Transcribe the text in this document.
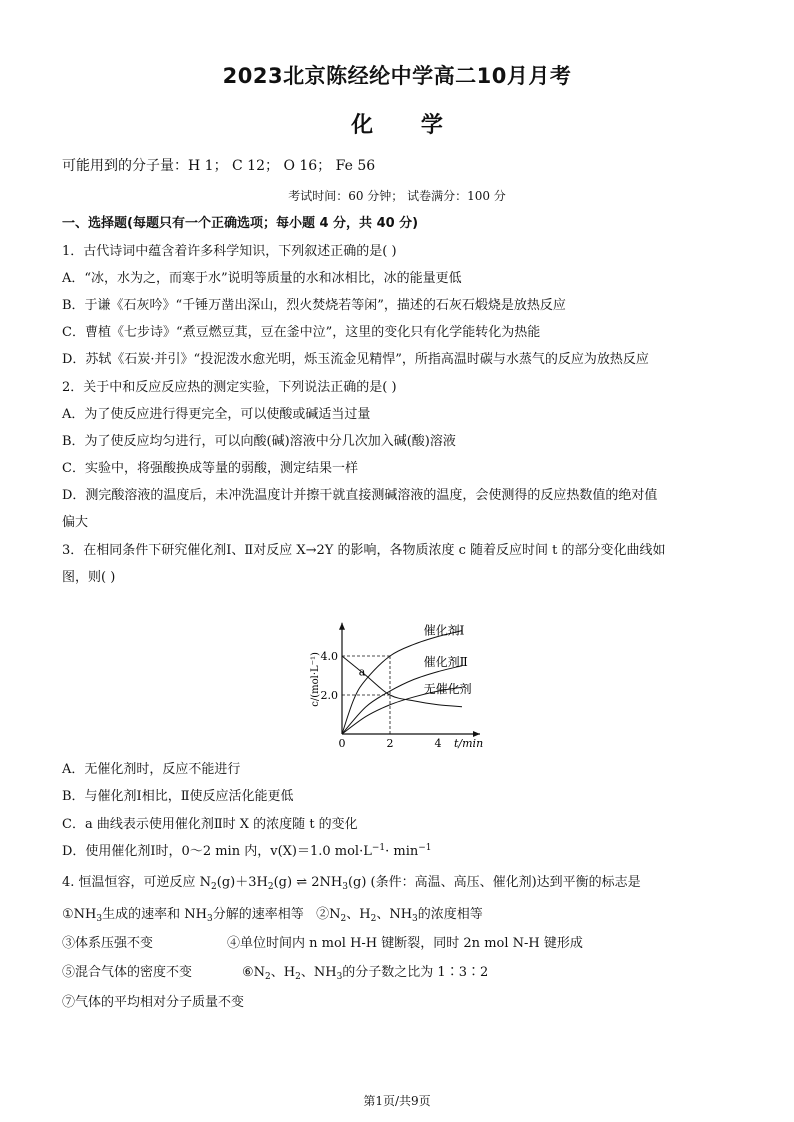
2023北京陈经纶中学高二10月月考
化 学
可能用到的分子量：H 1； C 12； O 16； Fe 56
考试时间：60 分钟； 试卷满分：100 分
一、选择题(每题只有一个正确选项；每小题 4 分，共 40 分)
1．古代诗词中蕴含着许多科学知识，下列叙述正确的是( )
A．“冰，水为之，而寒于水”说明等质量的水和冰相比，冰的能量更低
B．于谦《石灰吟》“千锤万凿出深山，烈火焚烧若等闲”，描述的石灰石煅烧是放热反应
C．曹植《七步诗》“煮豆燃豆萁，豆在釜中泣”，这里的变化只有化学能转化为热能
D．苏轼《石炭·并引》“投泥泼水愈光明，烁玉流金见精悍”，所指高温时碳与水蒸气的反应为放热反应
2．关于中和反应反应热的测定实验，下列说法正确的是( )
A．为了使反应进行得更完全，可以使酸或碱适当过量
B．为了使反应均匀进行，可以向酸(碱)溶液中分几次加入碱(酸)溶液
C．实验中，将强酸换成等量的弱酸，测定结果一样
D．测完酸溶液的温度后，未冲洗温度计并擦干就直接测碱溶液的温度，会使测得的反应热数值的绝对值
偏大
3．在相同条件下研究催化剂Ⅰ、Ⅱ对反应 X→2Y 的影响，各物质浓度 c 随着反应时间 t 的部分变化曲线如
图，则( )
0	2	4
2.0
4.0
t/min
c/(mol·L⁻¹)
催化剂Ⅰ
催化剂Ⅱ
无催化剂
a
A．无催化剂时，反应不能进行
B．与催化剂Ⅰ相比，Ⅱ使反应活化能更低
C．a 曲线表示使用催化剂Ⅱ时 X 的浓度随 t 的变化
D．使用催化剂Ⅰ时，0～2 min 内，v(X)＝1.0 $mol\cdot L^{-1}\cdot \min^{-1}$
4. 恒温恒容，可逆反应 $N_2(g)+3H_2(g)$ ⇌ $2NH_3(g)$ (条件：高温、高压、催化剂)达到平衡的标志是
$①NH_3$生成的速率和 $NH_3$分解的速率相等 $②N_2$、$H_2$、$NH_3$的浓度相等
③体系压强不变	④单位时间内 n mol H-H 键断裂，同时 2n mol N-H 键形成
⑤混合气体的密度不变	$⑥N_2$、$H_2$、$NH_3$的分子数之比为 1∶3∶2
⑦气体的平均相对分子质量不变
第1页/共9页
